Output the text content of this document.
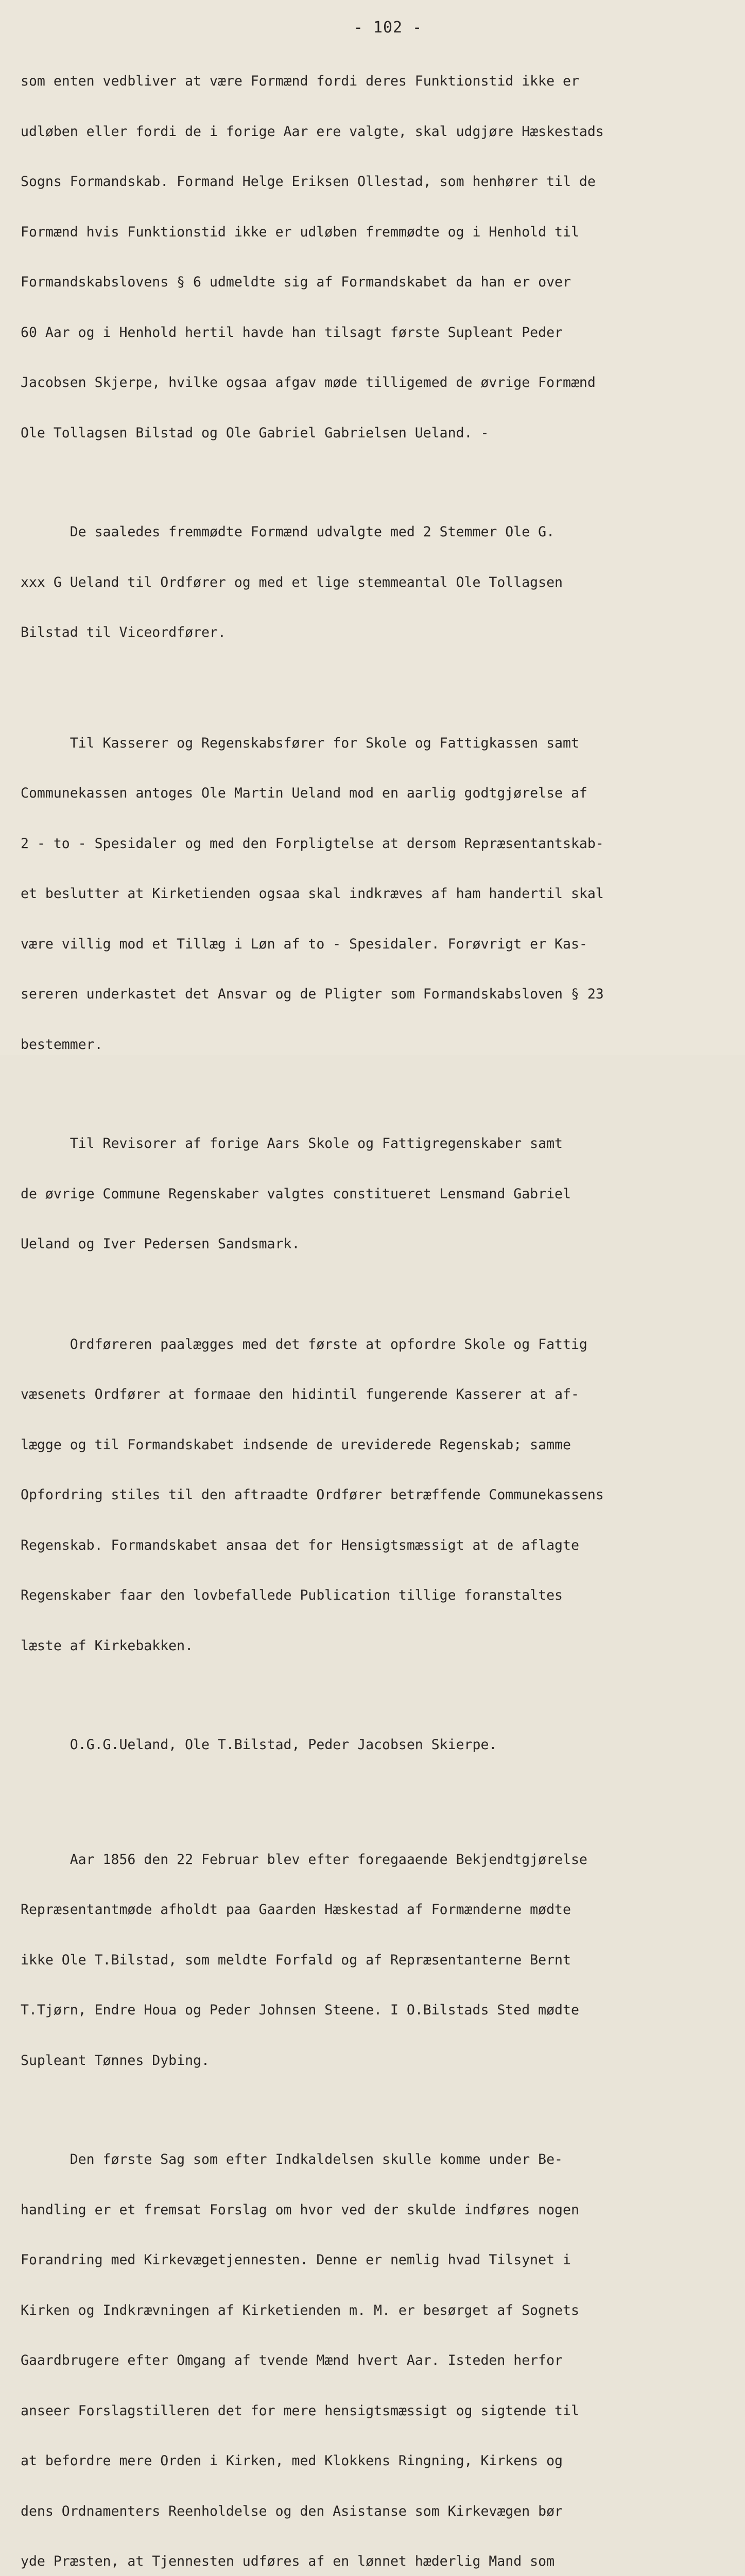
- 102 -

som enten vedbliver at være Formænd fordi deres Funktionstid ikke er

udløben eller fordi de i forige Aar ere valgte, skal udgjøre Hæskestads

Sogns Formandskab. Formand Helge Eriksen Ollestad, som henhører til de

Formænd hvis Funktionstid ikke er udløben fremmødte og i Henhold til

Formandskabslovens § 6 udmeldte sig af Formandskabet da han er over

60 Aar og i Henhold hertil havde han tilsagt første Supleant Peder

Jacobsen Skjerpe, hvilke ogsaa afgav møde tilligemed de øvrige Formænd

Ole Tollagsen Bilstad og Ole Gabriel Gabrielsen Ueland. -

De saaledes fremmødte Formænd udvalgte med 2 Stemmer Ole G.

xxx G Ueland til Ordfører og med et lige stemmeantal Ole Tollagsen

Bilstad til Viceordfører.

Til Kasserer og Regenskabsfører for Skole og Fattigkassen samt

Communekassen antoges Ole Martin Ueland mod en aarlig godtgjørelse af

2 - to - Spesidaler og med den Forpligtelse at dersom Repræsentantskab-

et beslutter at Kirketienden ogsaa skal indkræves af ham handertil skal

være villig mod et Tillæg i Løn af to - Spesidaler. Forøvrigt er Kas-

sereren underkastet det Ansvar og de Pligter som Formandskabsloven § 23

bestemmer.

Til Revisorer af forige Aars Skole og Fattigregenskaber samt

de øvrige Commune Regenskaber valgtes constitueret Lensmand Gabriel

Ueland og Iver Pedersen Sandsmark.

Ordføreren paalægges med det første at opfordre Skole og Fattig

væsenets Ordfører at formaae den hidintil fungerende Kasserer at af-

lægge og til Formandskabet indsende de ureviderede Regenskab; samme

Opfordring stiles til den aftraadte Ordfører betræffende Communekassens

Regenskab. Formandskabet ansaa det for Hensigtsmæssigt at de aflagte

Regenskaber faar den lovbefallede Publication tillige foranstaltes

læste af Kirkebakken.

O.G.G.Ueland, Ole T.Bilstad, Peder Jacobsen Skierpe.

Aar 1856 den 22 Februar blev efter foregaaende Bekjendtgjørelse

Repræsentantmøde afholdt paa Gaarden Hæskestad af Formænderne mødte

ikke Ole T.Bilstad, som meldte Forfald og af Repræsentanterne Bernt

T.Tjørn, Endre Houa og Peder Johnsen Steene. I O.Bilstads Sted mødte

Supleant Tønnes Dybing.

Den første Sag som efter Indkaldelsen skulle komme under Be-

handling er et fremsat Forslag om hvor ved der skulde indføres nogen

Forandring med Kirkevægetjennesten. Denne er nemlig hvad Tilsynet i

Kirken og Indkrævningen af Kirketienden m. M. er besørget af Sognets

Gaardbrugere efter Omgang af tvende Mænd hvert Aar. Isteden herfor

anseer Forslagstilleren det for mere hensigtsmæssigt og sigtende til

at befordre mere Orden i Kirken, med Klokkens Ringning, Kirkens og

dens Ordnamenters Reenholdelse og den Asistanse som Kirkevægen bør

yde Præsten, at Tjennesten udføres af en lønnet hæderlig Mand som
